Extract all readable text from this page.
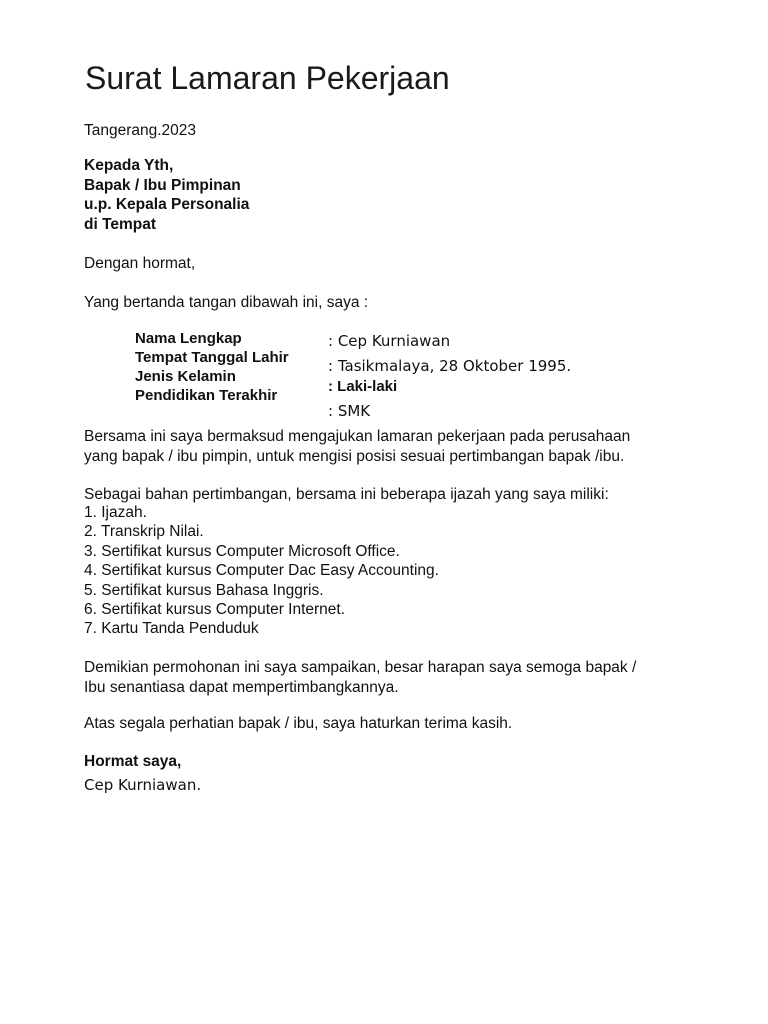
Surat Lamaran Pekerjaan
Tangerang.2023
Kepada Yth,
Bapak / Ibu Pimpinan
u.p. Kepala Personalia
di Tempat
Dengan hormat,
Yang bertanda tangan dibawah ini, saya :
Nama Lengkap
Tempat Tanggal Lahir
Jenis Kelamin
Pendidikan Terakhir
: Cep Kurniawan
: Tasikmalaya, 28 Oktober 1995.
: Laki-laki
: SMK
Bersama ini saya bermaksud mengajukan lamaran pekerjaan pada perusahaan
yang bapak / ibu pimpin, untuk mengisi posisi sesuai pertimbangan bapak /ibu.
Sebagai bahan pertimbangan, bersama ini beberapa ijazah yang saya miliki:
1. Ijazah.
2. Transkrip Nilai.
3. Sertifikat kursus Computer Microsoft Office.
4. Sertifikat kursus Computer Dac Easy Accounting.
5. Sertifikat kursus Bahasa Inggris.
6. Sertifikat kursus Computer Internet.
7. Kartu Tanda Penduduk
Demikian permohonan ini saya sampaikan, besar harapan saya semoga bapak /
Ibu senantiasa dapat mempertimbangkannya.
Atas segala perhatian bapak / ibu, saya haturkan terima kasih.
Hormat saya,
Cep Kurniawan.
